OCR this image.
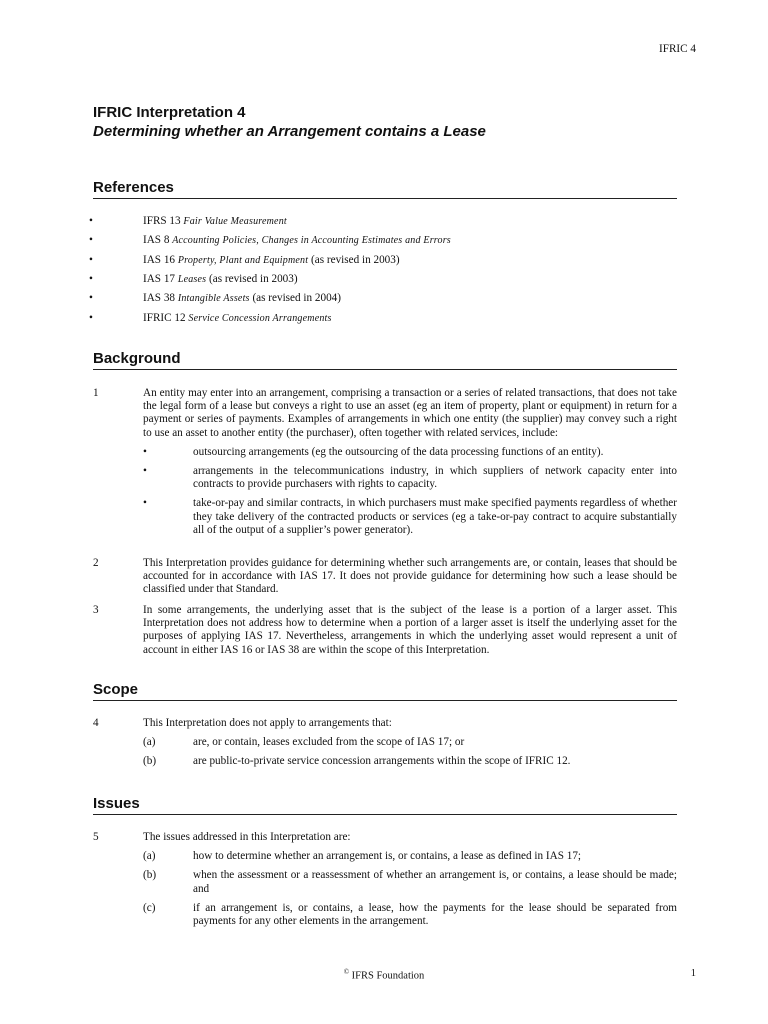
IFRIC 4
IFRIC Interpretation 4
Determining whether an Arrangement contains a Lease
References
•	IFRS 13 Fair Value Measurement
•	IAS 8 Accounting Policies, Changes in Accounting Estimates and Errors
•	IAS 16 Property, Plant and Equipment (as revised in 2003)
•	IAS 17 Leases (as revised in 2003)
•	IAS 38 Intangible Assets (as revised in 2004)
•	IFRIC 12 Service Concession Arrangements
Background
1	An entity may enter into an arrangement, comprising a transaction or a series of related transactions, that does not take the legal form of a lease but conveys a right to use an asset (eg an item of property, plant or equipment) in return for a payment or series of payments. Examples of arrangements in which one entity (the supplier) may convey such a right to use an asset to another entity (the purchaser), often together with related services, include:
•	outsourcing arrangements (eg the outsourcing of the data processing functions of an entity).
•	arrangements in the telecommunications industry, in which suppliers of network capacity enter into contracts to provide purchasers with rights to capacity.
•	take-or-pay and similar contracts, in which purchasers must make specified payments regardless of whether they take delivery of the contracted products or services (eg a take-or-pay contract to acquire substantially all of the output of a supplier’s power generator).
2	This Interpretation provides guidance for determining whether such arrangements are, or contain, leases that should be accounted for in accordance with IAS 17. It does not provide guidance for determining how such a lease should be classified under that Standard.
3	In some arrangements, the underlying asset that is the subject of the lease is a portion of a larger asset. This Interpretation does not address how to determine when a portion of a larger asset is itself the underlying asset for the purposes of applying IAS 17. Nevertheless, arrangements in which the underlying asset would represent a unit of account in either IAS 16 or IAS 38 are within the scope of this Interpretation.
Scope
4	This Interpretation does not apply to arrangements that:
(a)	are, or contain, leases excluded from the scope of IAS 17; or
(b)	are public-to-private service concession arrangements within the scope of IFRIC 12.
Issues
5	The issues addressed in this Interpretation are:
(a)	how to determine whether an arrangement is, or contains, a lease as defined in IAS 17;
(b)	when the assessment or a reassessment of whether an arrangement is, or contains, a lease should be made; and
(c)	if an arrangement is, or contains, a lease, how the payments for the lease should be separated from payments for any other elements in the arrangement.
© IFRS Foundation	1
